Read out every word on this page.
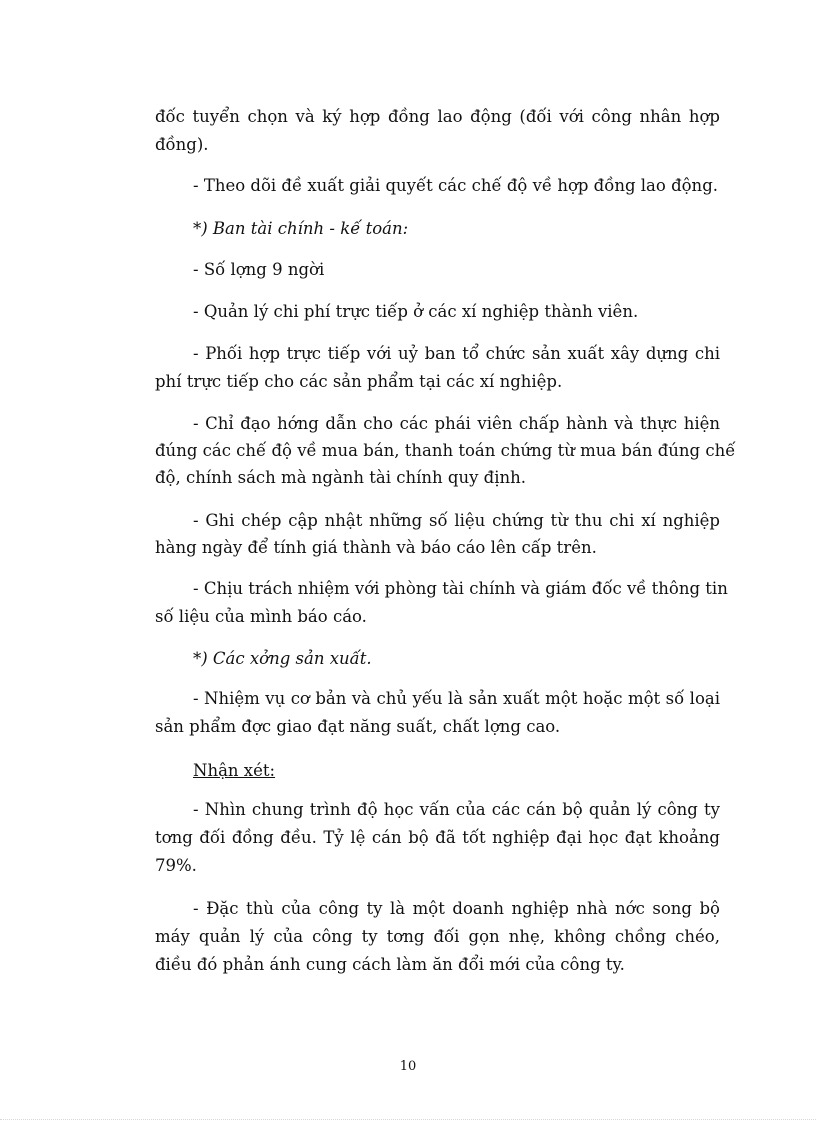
đốc tuyển chọn và ký hợp đồng lao động (đối với công nhân hợp
đồng).
- Theo dõi đề xuất giải quyết các chế độ về hợp đồng lao động.
*) Ban tài chính - kế toán:
- Số lợng 9 ngời
- Quản lý chi phí trực tiếp ở các xí nghiệp thành viên.
- Phối hợp trực tiếp với uỷ ban tổ chức sản xuất xây dựng chi
phí trực tiếp cho các sản phẩm tại các xí nghiệp.
- Chỉ đạo hớng dẫn cho các phái viên chấp hành và thực hiện
đúng các chế độ về mua bán, thanh toán chứng từ mua bán đúng chế
độ, chính sách mà ngành tài chính quy định.
- Ghi chép cập nhật những số liệu chứng từ thu chi xí nghiệp
hàng ngày để tính giá thành và báo cáo lên cấp trên.
- Chịu trách nhiệm với phòng tài chính và giám đốc về thông tin
số liệu của mình báo cáo.
*) Các xởng sản xuất.
- Nhiệm vụ cơ bản và chủ yếu là sản xuất một hoặc một số loại
sản phẩm đợc giao đạt năng suất, chất lợng cao.
Nhận xét:
- Nhìn chung trình độ học vấn của các cán bộ quản lý công ty
tơng đối đồng đều. Tỷ lệ cán bộ đã tốt nghiệp đại học đạt khoảng
79%.
- Đặc thù của công ty là một doanh nghiệp nhà nớc song bộ
máy quản lý của công ty tơng đối gọn nhẹ, không chồng chéo,
điều đó phản ánh cung cách làm ăn đổi mới của công ty.
10
